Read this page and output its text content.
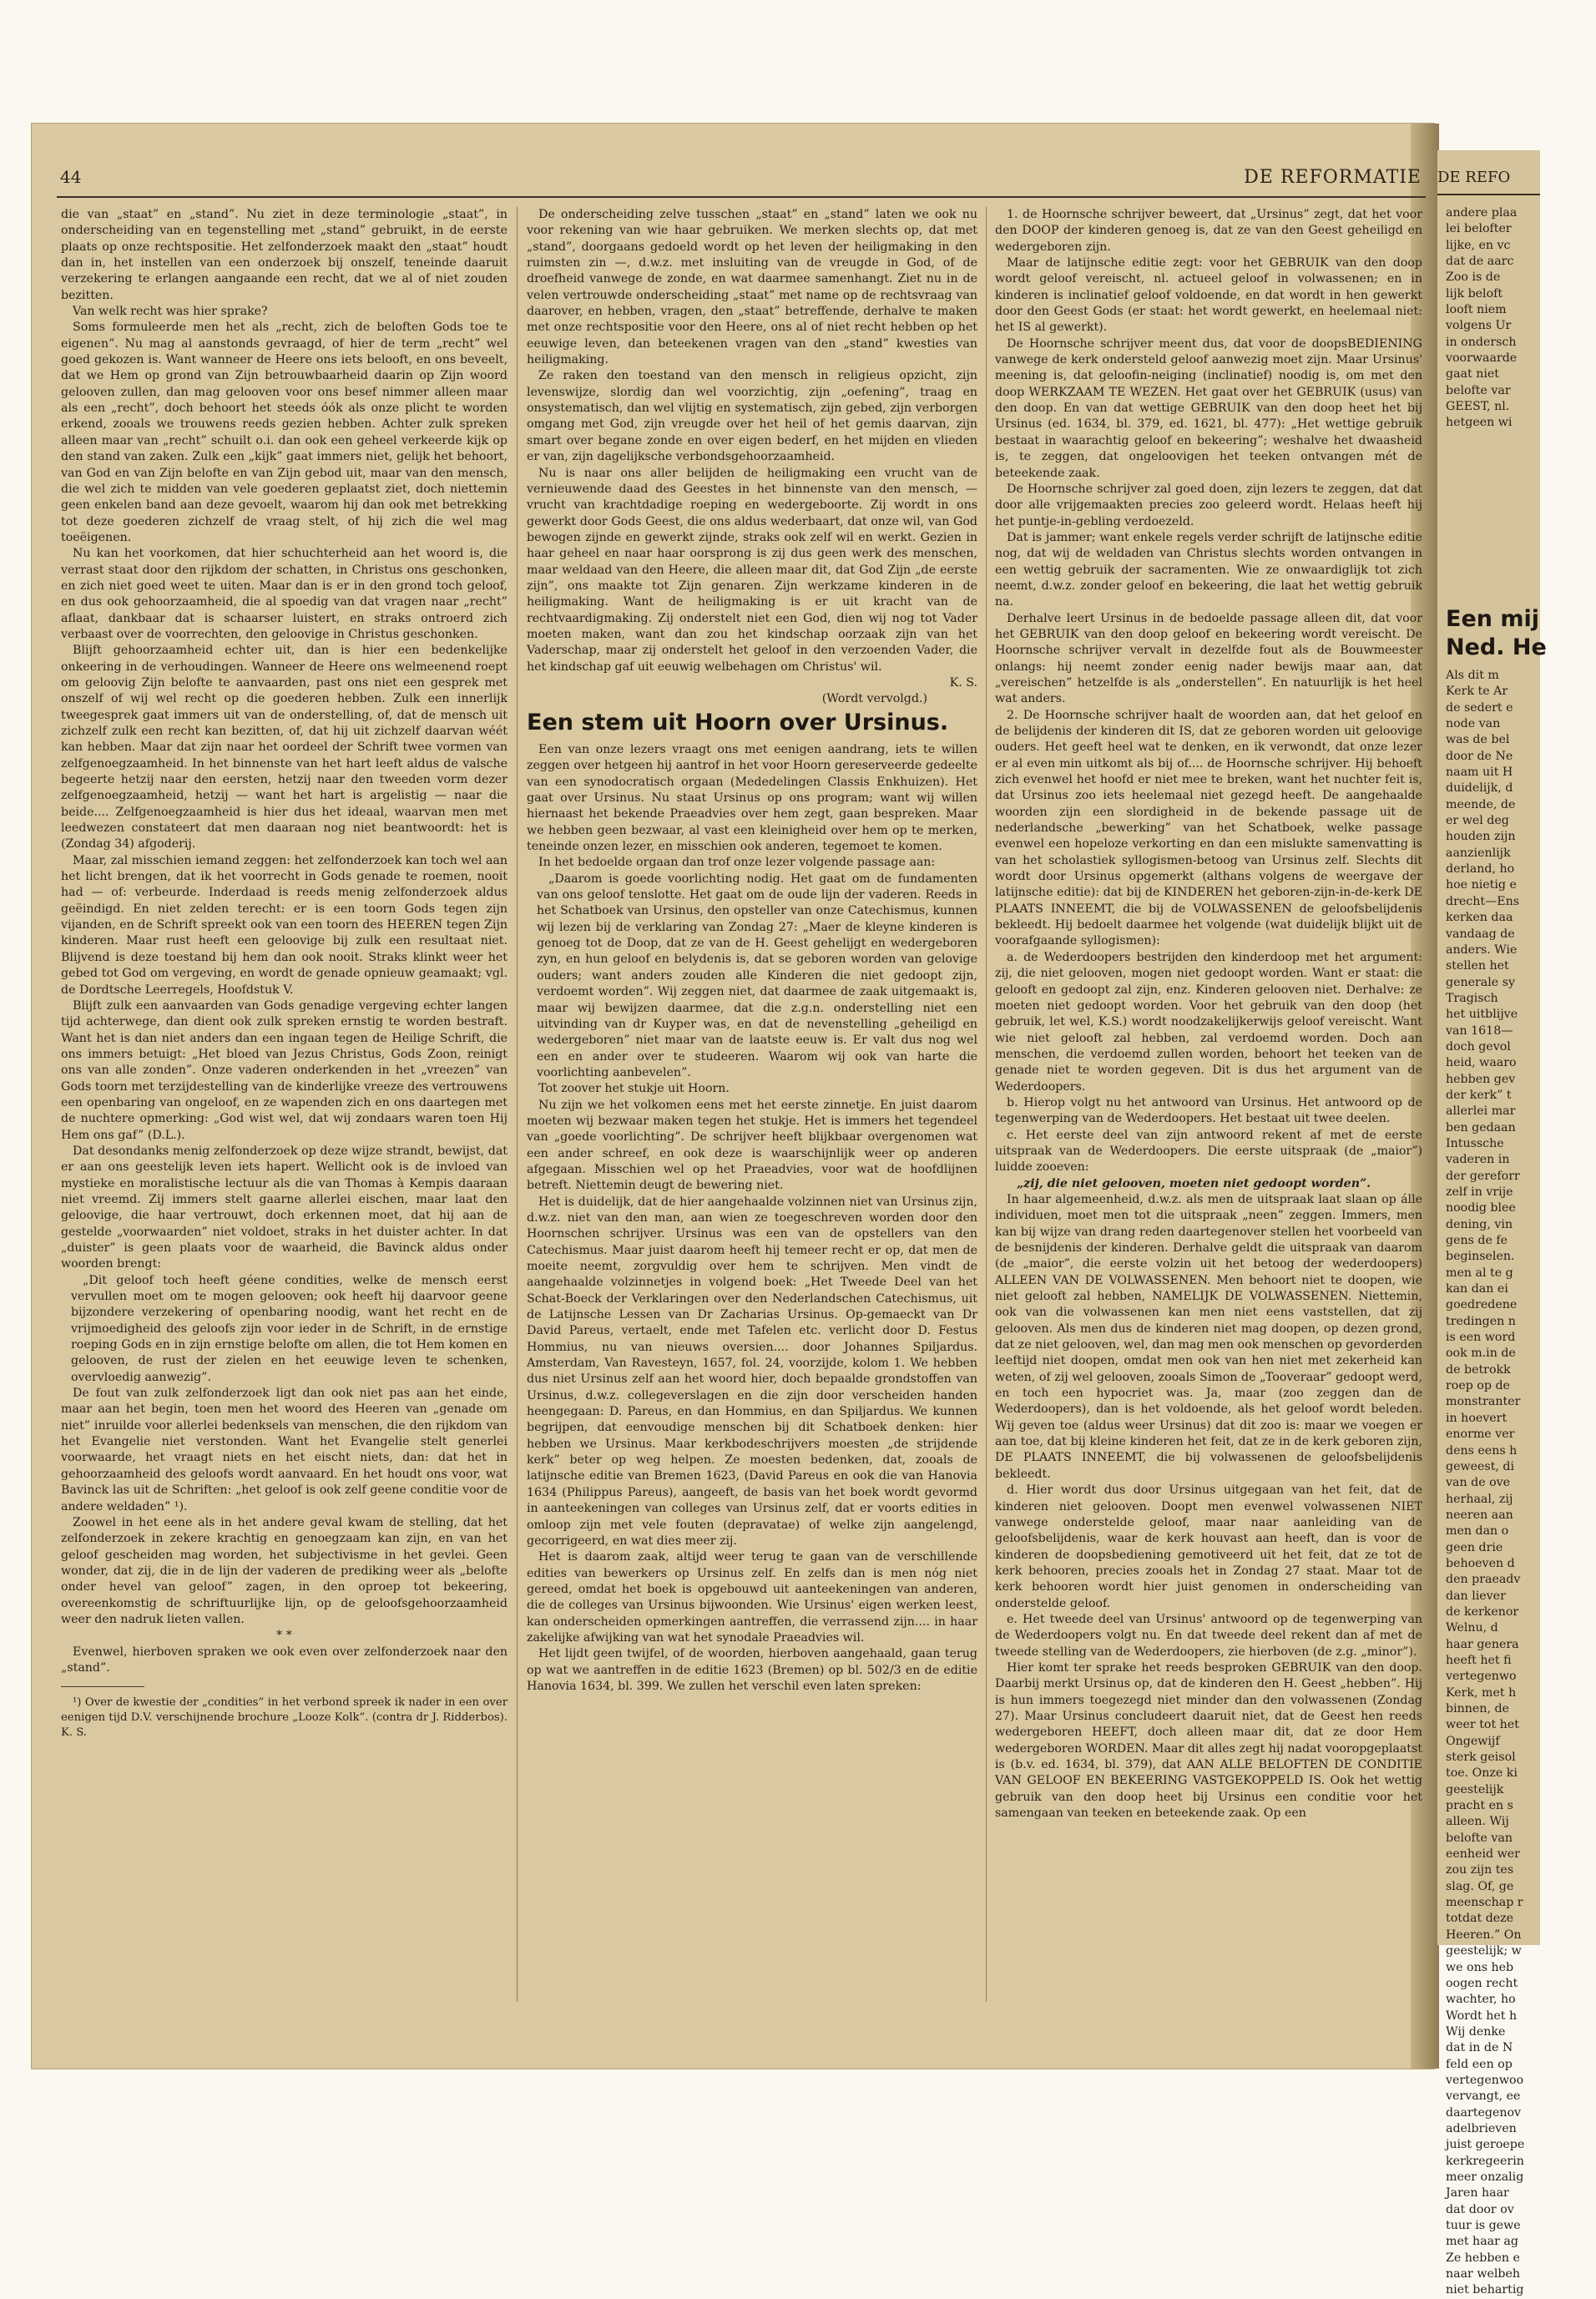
44	DE REFORMATIE

die van „staat” en „stand”. Nu ziet in deze terminologie „staat”, in onderscheiding van en tegenstelling met „stand” gebruikt, in de eerste plaats op onze rechtspositie. Het zelfonderzoek maakt den „staat” houdt dan in, het instellen van een onderzoek bij onszelf, teneinde daaruit verzekering te erlangen aangaande een recht, dat we al of niet zouden bezitten.

Van welk recht was hier sprake?

Soms formuleerde men het als „recht, zich de beloften Gods toe te eigenen”. Nu mag al aanstonds gevraagd, of hier de term „recht” wel goed gekozen is. Want wanneer de Heere ons iets belooft, en ons beveelt, dat we Hem op grond van Zijn betrouwbaarheid daarin op Zijn woord gelooven zullen, dan mag gelooven voor ons besef nimmer alleen maar als een „recht”, doch behoort het steeds óók als onze plicht te worden erkend, zooals we trouwens reeds gezien hebben. Achter zulk spreken alleen maar van „recht” schuilt o.i. dan ook een geheel verkeerde kijk op den stand van zaken. Zulk een „kijk” gaat immers niet, gelijk het behoort, van God en van Zijn belofte en van Zijn gebod uit, maar van den mensch, die wel zich te midden van vele goederen geplaatst ziet, doch niettemin geen enkelen band aan deze gevoelt, waarom hij dan ook met betrekking tot deze goederen zichzelf de vraag stelt, of hij zich die wel mag toeëigenen.

Nu kan het voorkomen, dat hier schuchterheid aan het woord is, die verrast staat door den rijkdom der schatten, in Christus ons geschonken, en zich niet goed weet te uiten. Maar dan is er in den grond toch geloof, en dus ook gehoorzaamheid, die al spoedig van dat vragen naar „recht” aflaat, dankbaar dat is schaarser luistert, en straks ontroerd zich verbaast over de voorrechten, den geloovige in Christus geschonken.

Blijft gehoorzaamheid echter uit, dan is hier een bedenkelijke onkeering in de verhoudingen. Wanneer de Heere ons welmeenend roept om geloovig Zijn belofte te aanvaarden, past ons niet een gesprek met onszelf of wij wel recht op die goederen hebben. Zulk een innerlijk tweegesprek gaat immers uit van de onderstelling, of, dat de mensch uit zichzelf zulk een recht kan bezitten, of, dat hij uit zichzelf daarvan wéét kan hebben. Maar dat zijn naar het oordeel der Schrift twee vormen van zelfgenoegzaamheid. In het binnenste van het hart leeft aldus de valsche begeerte hetzij naar den eersten, hetzij naar den tweeden vorm dezer zelfgenoegzaamheid, hetzij — want het hart is argelistig — naar die beide.... Zelfgenoegzaamheid is hier dus het ideaal, waarvan men met leedwezen constateert dat men daaraan nog niet beantwoordt: het is (Zondag 34) afgoderij.

Maar, zal misschien iemand zeggen: het zelfonderzoek kan toch wel aan het licht brengen, dat ik het voorrecht in Gods genade te roemen, nooit had — of: verbeurde. Inderdaad is reeds menig zelfonderzoek aldus geëindigd. En niet zelden terecht: er is een toorn Gods tegen zijn vijanden, en de Schrift spreekt ook van een toorn des HEEREN tegen Zijn kinderen. Maar rust heeft een geloovige bij zulk een resultaat niet. Blijvend is deze toestand bij hem dan ook nooit. Straks klinkt weer het gebed tot God om vergeving, en wordt de genade opnieuw geamaakt; vgl. de Dordtsche Leerregels, Hoofdstuk V.

Blijft zulk een aanvaarden van Gods genadige vergeving echter langen tijd achterwege, dan dient ook zulk spreken ernstig te worden bestraft. Want het is dan niet anders dan een ingaan tegen de Heilige Schrift, die ons immers betuigt: „Het bloed van Jezus Christus, Gods Zoon, reinigt ons van alle zonden”. Onze vaderen onderkenden in het „vreezen” van Gods toorn met terzijdestelling van de kinderlijke vreeze des vertrouwens een openbaring van ongeloof, en ze wapenden zich en ons daartegen met de nuchtere opmerking: „God wist wel, dat wij zondaars waren toen Hij Hem ons gaf” (D.L.).

Dat desondanks menig zelfonderzoek op deze wijze strandt, bewijst, dat er aan ons geestelijk leven iets hapert. Wellicht ook is de invloed van mystieke en moralistische lectuur als die van Thomas à Kempis daaraan niet vreemd. Zij immers stelt gaarne allerlei eischen, maar laat den geloovige, die haar vertrouwt, doch erkennen moet, dat hij aan de gestelde „voorwaarden” niet voldoet, straks in het duister achter. In dat „duister” is geen plaats voor de waarheid, die Bavinck aldus onder woorden brengt:

„Dit geloof toch heeft géene condities, welke de mensch eerst vervullen moet om te mogen gelooven; ook heeft hij daarvoor geene bijzondere verzekering of openbaring noodig, want het recht en de vrijmoedigheid des geloofs zijn voor ieder in de Schrift, in de ernstige roeping Gods en in zijn ernstige belofte om allen, die tot Hem komen en gelooven, de rust der zielen en het eeuwige leven te schenken, overvloedig aanwezig”.

De fout van zulk zelfonderzoek ligt dan ook niet pas aan het einde, maar aan het begin, toen men het woord des Heeren van „genade om niet” inruilde voor allerlei bedenksels van menschen, die den rijkdom van het Evangelie niet verstonden. Want het Evangelie stelt generlei voorwaarde, het vraagt niets en het eischt niets, dan: dat het in gehoorzaamheid des geloofs wordt aanvaard. En het houdt ons voor, wat Bavinck las uit de Schriften: „het geloof is ook zelf geene conditie voor de andere weldaden” ¹).

Zoowel in het eene als in het andere geval kwam de stelling, dat het zelfonderzoek in zekere krachtig en genoegzaam kan zijn, en van het geloof gescheiden mag worden, het subjectivisme in het gevlei. Geen wonder, dat zij, die in de lijn der vaderen de prediking weer als „belofte onder hevel van geloof” zagen, in den oproep tot bekeering, overeenkomstig de schriftuurlijke lijn, op de geloofsgehoorzaamheid weer den nadruk lieten vallen.

* *

Evenwel, hierboven spraken we ook even over zelfonderzoek naar den „stand”.

¹) Over de kwestie der „condities” in het verbond spreek ik nader in een over eenigen tijd D.V. verschijnende brochure „Looze Kolk”. (contra dr J. Ridderbos). K. S.

De onderscheiding zelve tusschen „staat” en „stand” laten we ook nu voor rekening van wie haar gebruiken. We merken slechts op, dat met „stand”, doorgaans gedoeld wordt op het leven der heiligmaking in den ruimsten zin —, d.w.z. met insluiting van de vreugde in God, of de droefheid vanwege de zonde, en wat daarmee samenhangt. Ziet nu in de velen vertrouwde onderscheiding „staat” met name op de rechtsvraag van daarover, en hebben, vragen, den „staat” betreffende, derhalve te maken met onze rechtspositie voor den Heere, ons al of niet recht hebben op het eeuwige leven, dan beteekenen vragen van den „stand” kwesties van heiligmaking.

Ze raken den toestand van den mensch in religieus opzicht, zijn levenswijze, slordig dan wel voorzichtig, zijn „oefening”, traag en onsystematisch, dan wel vlijtig en systematisch, zijn gebed, zijn verborgen omgang met God, zijn vreugde over het heil of het gemis daarvan, zijn smart over begane zonde en over eigen bederf, en het mijden en vlieden er van, zijn dagelijksche verbondsgehoorzaamheid.

Nu is naar ons aller belijden de heiligmaking een vrucht van de vernieuwende daad des Geestes in het binnenste van den mensch, — vrucht van krachtdadige roeping en wedergeboorte. Zij wordt in ons gewerkt door Gods Geest, die ons aldus wederbaart, dat onze wil, van God bewogen zijnde en gewerkt zijnde, straks ook zelf wil en werkt. Gezien in haar geheel en naar haar oorsprong is zij dus geen werk des menschen, maar weldaad van den Heere, die alleen maar dit, dat God Zijn „de eerste zijn”, ons maakte tot Zijn genaren. Zijn werkzame kinderen in de heiligmaking. Want de heiligmaking is er uit kracht van de rechtvaardigmaking. Zij onderstelt niet een God, dien wij nog tot Vader moeten maken, want dan zou het kindschap oorzaak zijn van het Vaderschap, maar zij onderstelt het geloof in den verzoenden Vader, die het kindschap gaf uit eeuwig welbehagen om Christus' wil.

K. S.

(Wordt vervolgd.)

Een stem uit Hoorn over Ursinus.

Een van onze lezers vraagt ons met eenigen aandrang, iets te willen zeggen over hetgeen hij aantrof in het voor Hoorn gereserveerde gedeelte van een synodocratisch orgaan (Mededelingen Classis Enkhuizen). Het gaat over Ursinus. Nu staat Ursinus op ons program; want wij willen hiernaast het bekende Praeadvies over hem zegt, gaan bespreken. Maar we hebben geen bezwaar, al vast een kleinigheid over hem op te merken, teneinde onzen lezer, en misschien ook anderen, tegemoet te komen.

In het bedoelde orgaan dan trof onze lezer volgende passage aan:

„Daarom is goede voorlichting nodig. Het gaat om de fundamenten van ons geloof tenslotte. Het gaat om de oude lijn der vaderen. Reeds in het Schatboek van Ursinus, den opsteller van onze Catechismus, kunnen wij lezen bij de verklaring van Zondag 27: „Maer de kleyne kinderen is genoeg tot de Doop, dat ze van de H. Geest gehelijgt en wedergeboren zyn, en hun geloof en belydenis is, dat se geboren worden van gelovige ouders; want anders zouden alle Kinderen die niet gedoopt zijn, verdoemt worden”. Wij zeggen niet, dat daarmee de zaak uitgemaakt is, maar wij bewijzen daarmee, dat die z.g.n. onderstelling niet een uitvinding van dr Kuyper was, en dat de nevenstelling „geheiligd en wedergeboren” niet maar van de laatste eeuw is. Er valt dus nog wel een en ander over te studeeren. Waarom wij ook van harte die voorlichting aanbevelen”.

Tot zoover het stukje uit Hoorn.

Nu zijn we het volkomen eens met het eerste zinnetje. En juist daarom moeten wij bezwaar maken tegen het stukje. Het is immers het tegendeel van „goede voorlichting”. De schrijver heeft blijkbaar overgenomen wat een ander schreef, en ook deze is waarschijnlijk weer op anderen afgegaan. Misschien wel op het Praeadvies, voor wat de hoofdlijnen betreft. Niettemin deugt de bewering niet.

Het is duidelijk, dat de hier aangehaalde volzinnen niet van Ursinus zijn, d.w.z. niet van den man, aan wien ze toegeschreven worden door den Hoornschen schrijver. Ursinus was een van de opstellers van den Catechismus. Maar juist daarom heeft hij temeer recht er op, dat men de moeite neemt, zorgvuldig over hem te schrijven. Men vindt de aangehaalde volzinnetjes in volgend boek: „Het Tweede Deel van het Schat-Boeck der Verklaringen over den Nederlandschen Catechismus, uit de Latijnsche Lessen van Dr Zacharias Ursinus. Op-gemaeckt van Dr David Pareus, vertaelt, ende met Tafelen etc. verlicht door D. Festus Hommius, nu van nieuws oversien.... door Johannes Spiljardus. Amsterdam, Van Ravesteyn, 1657, fol. 24, voorzijde, kolom 1. We hebben dus niet Ursinus zelf aan het woord hier, doch bepaalde grondstoffen van Ursinus, d.w.z. collegeverslagen en die zijn door verscheiden handen heengegaan: D. Pareus, en dan Hommius, en dan Spiljardus. We kunnen begrijpen, dat eenvoudige menschen bij dit Schatboek denken: hier hebben we Ursinus. Maar kerkbodeschrijvers moesten „de strijdende kerk” beter op weg helpen. Ze moesten bedenken, dat, zooals de latijnsche editie van Bremen 1623, (David Pareus en ook die van Hanovia 1634 (Philippus Pareus), aangeeft, de basis van het boek wordt gevormd in aanteekeningen van colleges van Ursinus zelf, dat er voorts edities in omloop zijn met vele fouten (depravatae) of welke zijn aangelengd, gecorrigeerd, en wat dies meer zij.

Het is daarom zaak, altijd weer terug te gaan van de verschillende edities van bewerkers op Ursinus zelf. En zelfs dan is men nóg niet gereed, omdat het boek is opgebouwd uit aanteekeningen van anderen, die de colleges van Ursinus bijwoonden. Wie Ursinus' eigen werken leest, kan onderscheiden opmerkingen aantreffen, die verrassend zijn.... in haar zakelijke afwijking van wat het synodale Praeadvies wil.

Het lijdt geen twijfel, of de woorden, hierboven aangehaald, gaan terug op wat we aantreffen in de editie 1623 (Bremen) op bl. 502/3 en de editie Hanovia 1634, bl. 399. We zullen het verschil even laten spreken:

1. de Hoornsche schrijver beweert, dat „Ursinus” zegt, dat het voor den DOOP der kinderen genoeg is, dat ze van den Geest geheiligd en wedergeboren zijn.

Maar de latijnsche editie zegt: voor het GEBRUIK van den doop wordt geloof vereischt, nl. actueel geloof in volwassenen; en in kinderen is inclinatief geloof voldoende, en dat wordt in hen gewerkt door den Geest Gods (er staat: het wordt gewerkt, en heelemaal niet: het IS al gewerkt).

De Hoornsche schrijver meent dus, dat voor de doopsBEDIENING vanwege de kerk ondersteld geloof aanwezig moet zijn. Maar Ursinus' meening is, dat geloofin-neiging (inclinatief) noodig is, om met den doop WERKZAAM TE WEZEN. Het gaat over het GEBRUIK (usus) van den doop. En van dat wettige GEBRUIK van den doop heet het bij Ursinus (ed. 1634, bl. 379, ed. 1621, bl. 477): „Het wettige gebruik bestaat in waarachtig geloof en bekeering”; weshalve het dwaasheid is, te zeggen, dat ongeloovigen het teeken ontvangen mét de beteekende zaak.

De Hoornsche schrijver zal goed doen, zijn lezers te zeggen, dat dat door alle vrijgemaakten precies zoo geleerd wordt. Helaas heeft hij het puntje-in-gebling verdoezeld.

Dat is jammer; want enkele regels verder schrijft de latijnsche editie nog, dat wij de weldaden van Christus slechts worden ontvangen in een wettig gebruik der sacramenten. Wie ze onwaardiglijk tot zich neemt, d.w.z. zonder geloof en bekeering, die laat het wettig gebruik na.

Derhalve leert Ursinus in de bedoelde passage alleen dit, dat voor het GEBRUIK van den doop geloof en bekeering wordt vereischt. De Hoornsche schrijver vervalt in dezelfde fout als de Bouwmeester onlangs: hij neemt zonder eenig nader bewijs maar aan, dat „vereischen” hetzelfde is als „onderstellen”. En natuurlijk is het heel wat anders.

2. De Hoornsche schrijver haalt de woorden aan, dat het geloof en de belijdenis der kinderen dit IS, dat ze geboren worden uit geloovige ouders. Het geeft heel wat te denken, en ik verwondt, dat onze lezer er al even min uitkomt als bij of.... de Hoornsche schrijver. Hij behoeft zich evenwel het hoofd er niet mee te breken, want het nuchter feit is, dat Ursinus zoo iets heelemaal niet gezegd heeft. De aangehaalde woorden zijn een slordigheid in de bekende passage uit de nederlandsche „bewerking” van het Schatboek, welke passage evenwel een hopeloze verkorting en dan een mislukte samenvatting is van het scholastiek syllogismen-betoog van Ursinus zelf. Slechts dit wordt door Ursinus opgemerkt (althans volgens de weergave der latijnsche editie): dat bij de KINDEREN het geboren-zijn-in-de-kerk DE PLAATS INNEEMT, die bij de VOLWASSENEN de geloofsbelijdenis bekleedt. Hij bedoelt daarmee het volgende (wat duidelijk blijkt uit de voorafgaande syllogismen):

a. de Wederdoopers bestrijden den kinderdoop met het argument: zij, die niet gelooven, mogen niet gedoopt worden. Want er staat: die gelooft en gedoopt zal zijn, enz. Kinderen gelooven niet. Derhalve: ze moeten niet gedoopt worden. Voor het gebruik van den doop (het gebruik, let wel, K.S.) wordt noodzakelijkerwijs geloof vereischt. Want wie niet gelooft zal hebben, zal verdoemd worden. Doch aan menschen, die verdoemd zullen worden, behoort het teeken van de genade niet te worden gegeven. Dit is dus het argument van de Wederdoopers.

b. Hierop volgt nu het antwoord van Ursinus. Het antwoord op de tegenwerping van de Wederdoopers. Het bestaat uit twee deelen.

c. Het eerste deel van zijn antwoord rekent af met de eerste uitspraak van de Wederdoopers. Die eerste uitspraak (de „maior”) luidde zooeven:

„zij, die niet gelooven, moeten niet gedoopt worden”.

In haar algemeenheid, d.w.z. als men de uitspraak laat slaan op álle individuen, moet men tot die uitspraak „neen” zeggen. Immers, men kan bij wijze van drang reden daartegenover stellen het voorbeeld van de besnijdenis der kinderen. Derhalve geldt die uitspraak van daarom (de „maior”, die eerste volzin uit het betoog der wederdoopers) ALLEEN VAN DE VOLWASSENEN. Men behoort niet te doopen, wie niet gelooft zal hebben, NAMELIJK DE VOLWASSENEN. Niettemin, ook van die volwassenen kan men niet eens vaststellen, dat zij gelooven. Als men dus de kinderen niet mag doopen, op dezen grond, dat ze niet gelooven, wel, dan mag men ook menschen op gevorderden leeftijd niet doopen, omdat men ook van hen niet met zekerheid kan weten, of zij wel gelooven, zooals Simon de „Tooveraar” gedoopt werd, en toch een hypocriet was. Ja, maar (zoo zeggen dan de Wederdoopers), dan is het voldoende, als het geloof wordt beleden. Wij geven toe (aldus weer Ursinus) dat dit zoo is: maar we voegen er aan toe, dat bij kleine kinderen het feit, dat ze in de kerk geboren zijn, DE PLAATS INNEEMT, die bij volwassenen de geloofsbelijdenis bekleedt.

d. Hier wordt dus door Ursinus uitgegaan van het feit, dat de kinderen niet gelooven. Doopt men evenwel volwassenen NIET vanwege onderstelde geloof, maar naar aanleiding van de geloofsbelijdenis, waar de kerk houvast aan heeft, dan is voor de kinderen de doopsbediening gemotiveerd uit het feit, dat ze tot de kerk behooren, precies zooals het in Zondag 27 staat. Maar tot de kerk behooren wordt hier juist genomen in onderscheiding van onderstelde geloof.

e. Het tweede deel van Ursinus' antwoord op de tegenwerping van de Wederdoopers volgt nu. En dat tweede deel rekent dan af met de tweede stelling van de Wederdoopers, zie hierboven (de z.g. „minor”).

Hier komt ter sprake het reeds besproken GEBRUIK van den doop. Daarbij merkt Ursinus op, dat de kinderen den H. Geest „hebben”. Hij is hun immers toegezegd niet minder dan den volwassenen (Zondag 27). Maar Ursinus concludeert daaruit niet, dat de Geest hen reeds wedergeboren HEEFT, doch alleen maar dit, dat ze door Hem wedergeboren WORDEN. Maar dit alles zegt hij nadat vooropgeplaatst is (b.v. ed. 1634, bl. 379), dat AAN ALLE BELOFTEN DE CONDITIE VAN GELOOF EN BEKEERING VASTGEKOPPELD IS. Ook het wettig gebruik van den doop heet bij Ursinus een conditie voor het samengaan van teeken en beteekende zaak. Op een

DE REFO
andere plaa
lei belofter
lijke, en vc
dat de aarc
Zoo is de
lijk beloft
looft niem
volgens Ur
in ondersch
voorwaarde
gaat niet
belofte var
GEEST, nl.
hetgeen wi
Een mij
Ned. He
Als dit m
Kerk te Ar
de sedert e
node van
was de bel
door de Ne
naam uit H
duidelijk, d
meende, de
er wel deg
houden zijn
aanzienlijk
derland, ho
hoe nietig e
drecht—Ens
kerken daa
vandaag de
anders. Wie
stellen het
generale sy
Tragisch
het uitblijve
van 1618—
doch gevol
heid, waaro
hebben gev
der kerk” t
allerlei mar
ben gedaan
Intussche
vaderen in
der gereforr
zelf in vrije
noodig blee
dening, vin
gens de fe
beginselen.
men al te g
kan dan ei
goedredene
tredingen n
is een word
ook m.in de
de betrokk
roep op de
monstranter
in hoevert
enorme ver
dens eens h
geweest, di
van de ove
herhaal, zij
neeren aan
men dan o
geen drie
behoeven d
den praeadv
dan liever
de kerkenor
Welnu, d
haar genera
heeft het fi
vertegenwo
Kerk, met h
binnen, de
weer tot het
Ongewijf
sterk geisol
toe. Onze ki
geestelijk
pracht en s
alleen. Wij
belofte van
eenheid wer
zou zijn tes
slag. Of, ge
meenschap r
totdat deze
Heeren.” On
geestelijk; w
we ons heb
oogen recht
wachter, ho
Wordt het h
Wij denke
dat in de N
feld een op
vertegenwoo
vervangt, ee
daartegenov
adelbrieven
juist geroepe
kerkregeerin
meer onzalig
Jaren haar
dat door ov
tuur is gewe
met haar ag
Ze hebben e
naar welbeh
niet behartig
